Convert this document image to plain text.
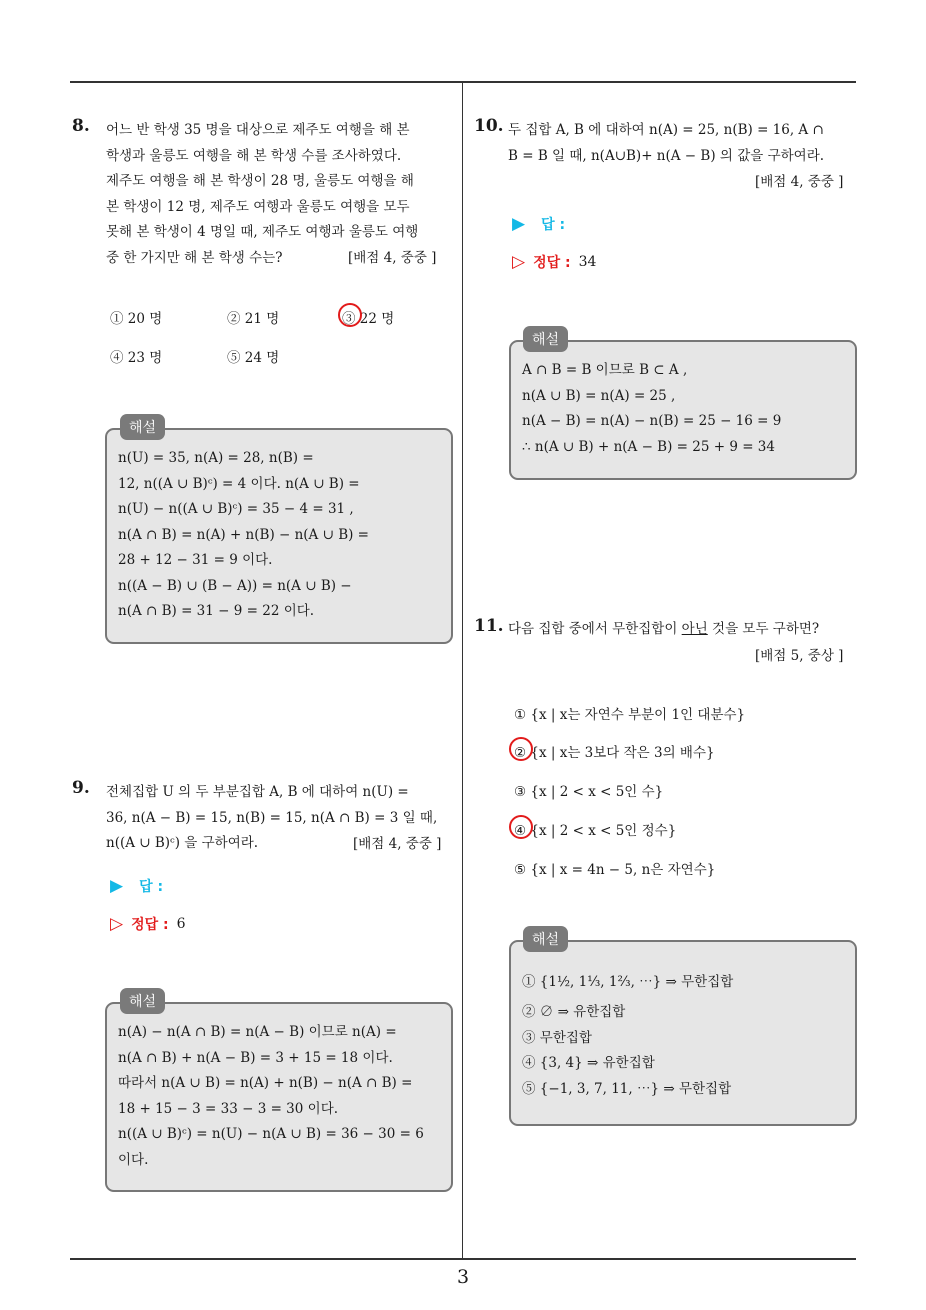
3
8. 어느 반 학생 35 명을 대상으로 제주도 여행을 해 본
학생과 울릉도 여행을 해 본 학생 수를 조사하였다.
제주도 여행을 해 본 학생이 28 명, 울릉도 여행을 해
본 학생이 12 명, 제주도 여행과 울릉도 여행을 모두
못해 본 학생이 4 명일 때, 제주도 여행과 울릉도 여행
중 한 가지만 해 본 학생 수는?	[배점 4, 중중 ]
① 20 명	② 21 명	③ 22 명
④ 23 명	⑤ 24 명
해설
n(U) = 35, n(A) = 28, n(B) =
12, n((A ∪ B)ᶜ) = 4 이다. n(A ∪ B) =
n(U) − n((A ∪ B)ᶜ) = 35 − 4 = 31 ,
n(A ∩ B) = n(A) + n(B) − n(A ∪ B) =
28 + 12 − 31 = 9 이다.
n((A − B) ∪ (B − A)) = n(A ∪ B) −
n(A ∩ B) = 31 − 9 = 22 이다.
9. 전체집합 U 의 두 부분집합 A, B 에 대하여 n(U) =
36, n(A − B) = 15, n(B) = 15, n(A ∩ B) = 3 일 때,
n((A ∪ B)ᶜ) 을 구하여라.	[배점 4, 중중 ]
▶ 답 :
▷ 정답 : 6
해설
n(A) − n(A ∩ B) = n(A − B) 이므로 n(A) =
n(A ∩ B) + n(A − B) = 3 + 15 = 18 이다.
따라서 n(A ∪ B) = n(A) + n(B) − n(A ∩ B) =
18 + 15 − 3 = 33 − 3 = 30 이다.
n((A ∪ B)ᶜ) = n(U) − n(A ∪ B) = 36 − 30 = 6
이다.
10. 두 집합 A, B 에 대하여 n(A) = 25, n(B) = 16, A ∩
B = B 일 때, n(A∪B)+ n(A − B) 의 값을 구하여라.
[배점 4, 중중 ]
▶ 답 :
▷ 정답 : 34
해설
A ∩ B = B 이므로 B ⊂ A ,
n(A ∪ B) = n(A) = 25 ,
n(A − B) = n(A) − n(B) = 25 − 16 = 9
∴ n(A ∪ B) + n(A − B) = 25 + 9 = 34
11. 다음 집합 중에서 무한집합이 아닌 것을 모두 구하면?
[배점 5, 중상 ]
① {x | x는 자연수 부분이 1인 대분수}
② {x | x는 3보다 작은 3의 배수}
③ {x | 2 < x < 5인 수}
④ {x | 2 < x < 5인 정수}
⑤ {x | x = 4n − 5, n은 자연수}
해설
① {1½, 1⅓, 1⅔, ⋯} ⇒ 무한집합
② ∅ ⇒ 유한집합
③ 무한집합
④ {3, 4} ⇒ 유한집합
⑤ {−1, 3, 7, 11, ⋯} ⇒ 무한집합
